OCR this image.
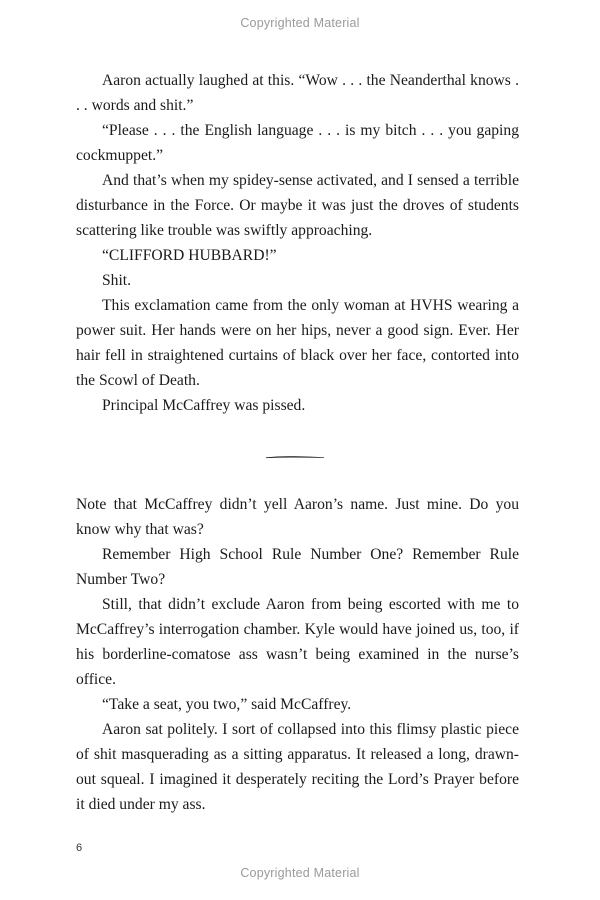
Copyrighted Material

Aaron actually laughed at this. “Wow . . . the Neanderthal knows . . . words and shit.”

“Please . . . the English language . . . is my bitch . . . you gaping cockmuppet.”

And that’s when my spidey-sense activated, and I sensed a terrible disturbance in the Force. Or maybe it was just the droves of students scattering like trouble was swiftly approaching.

“CLIFFORD HUBBARD!”

Shit.

This exclamation came from the only woman at HVHS wearing a power suit. Her hands were on her hips, never a good sign. Ever. Her hair fell in straightened curtains of black over her face, contorted into the Scowl of Death.

Principal McCaffrey was pissed.

Note that McCaffrey didn’t yell Aaron’s name. Just mine. Do you know why that was?

Remember High School Rule Number One? Remember Rule Number Two?

Still, that didn’t exclude Aaron from being escorted with me to McCaffrey’s interrogation chamber. Kyle would have joined us, too, if his borderline-comatose ass wasn’t being examined in the nurse’s office.

“Take a seat, you two,” said McCaffrey.

Aaron sat politely. I sort of collapsed into this flimsy plastic piece of shit masquerading as a sitting apparatus. It released a long, drawn-out squeal. I imagined it desperately reciting the Lord’s Prayer before it died under my ass.

6
Copyrighted Material
